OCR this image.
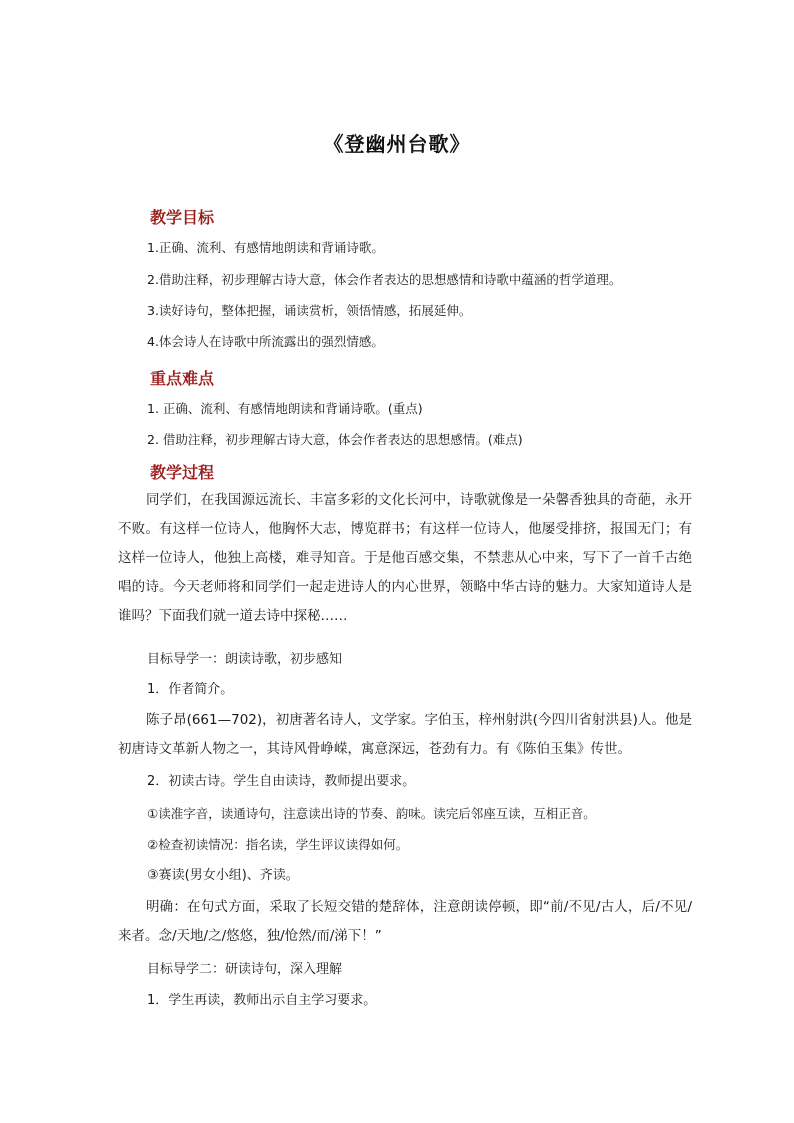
《登幽州台歌》
教学目标

1.正确、流利、有感情地朗读和背诵诗歌。

2.借助注释，初步理解古诗大意，体会作者表达的思想感情和诗歌中蕴涵的哲学道理。

3.读好诗句，整体把握，诵读赏析，领悟情感，拓展延伸。

4.体会诗人在诗歌中所流露出的强烈情感。

重点难点

1. 正确、流利、有感情地朗读和背诵诗歌。(重点)

2. 借助注释，初步理解古诗大意，体会作者表达的思想感情。(难点)

教学过程

同学们，在我国源远流长、丰富多彩的文化长河中，诗歌就像是一朵馨香独具的奇葩，永开不败。有这样一位诗人，他胸怀大志，博览群书；有这样一位诗人，他屡受排挤，报国无门；有这样一位诗人，他独上高楼，难寻知音。于是他百感交集，不禁悲从心中来，写下了一首千古绝唱的诗。今天老师将和同学们一起走进诗人的内心世界，领略中华古诗的魅力。大家知道诗人是谁吗？下面我们就一道去诗中探秘……

目标导学一：朗读诗歌，初步感知

1．作者简介。

陈子昂(661—702)，初唐著名诗人，文学家。字伯玉，梓州射洪(今四川省射洪县)人。他是初唐诗文革新人物之一，其诗风骨峥嵘，寓意深远，苍劲有力。有《陈伯玉集》传世。

2．初读古诗。学生自由读诗，教师提出要求。

①读准字音，读通诗句，注意读出诗的节奏、韵味。读完后邻座互读，互相正音。

②检查初读情况：指名读，学生评议读得如何。

③赛读(男女小组)、齐读。

明确：在句式方面，采取了长短交错的楚辞体，注意朗读停顿，即“前/不见/古人，后/不见/来者。念/天地/之/悠悠，独/怆然/而/涕下！”

目标导学二：研读诗句，深入理解

1．学生再读，教师出示自主学习要求。
